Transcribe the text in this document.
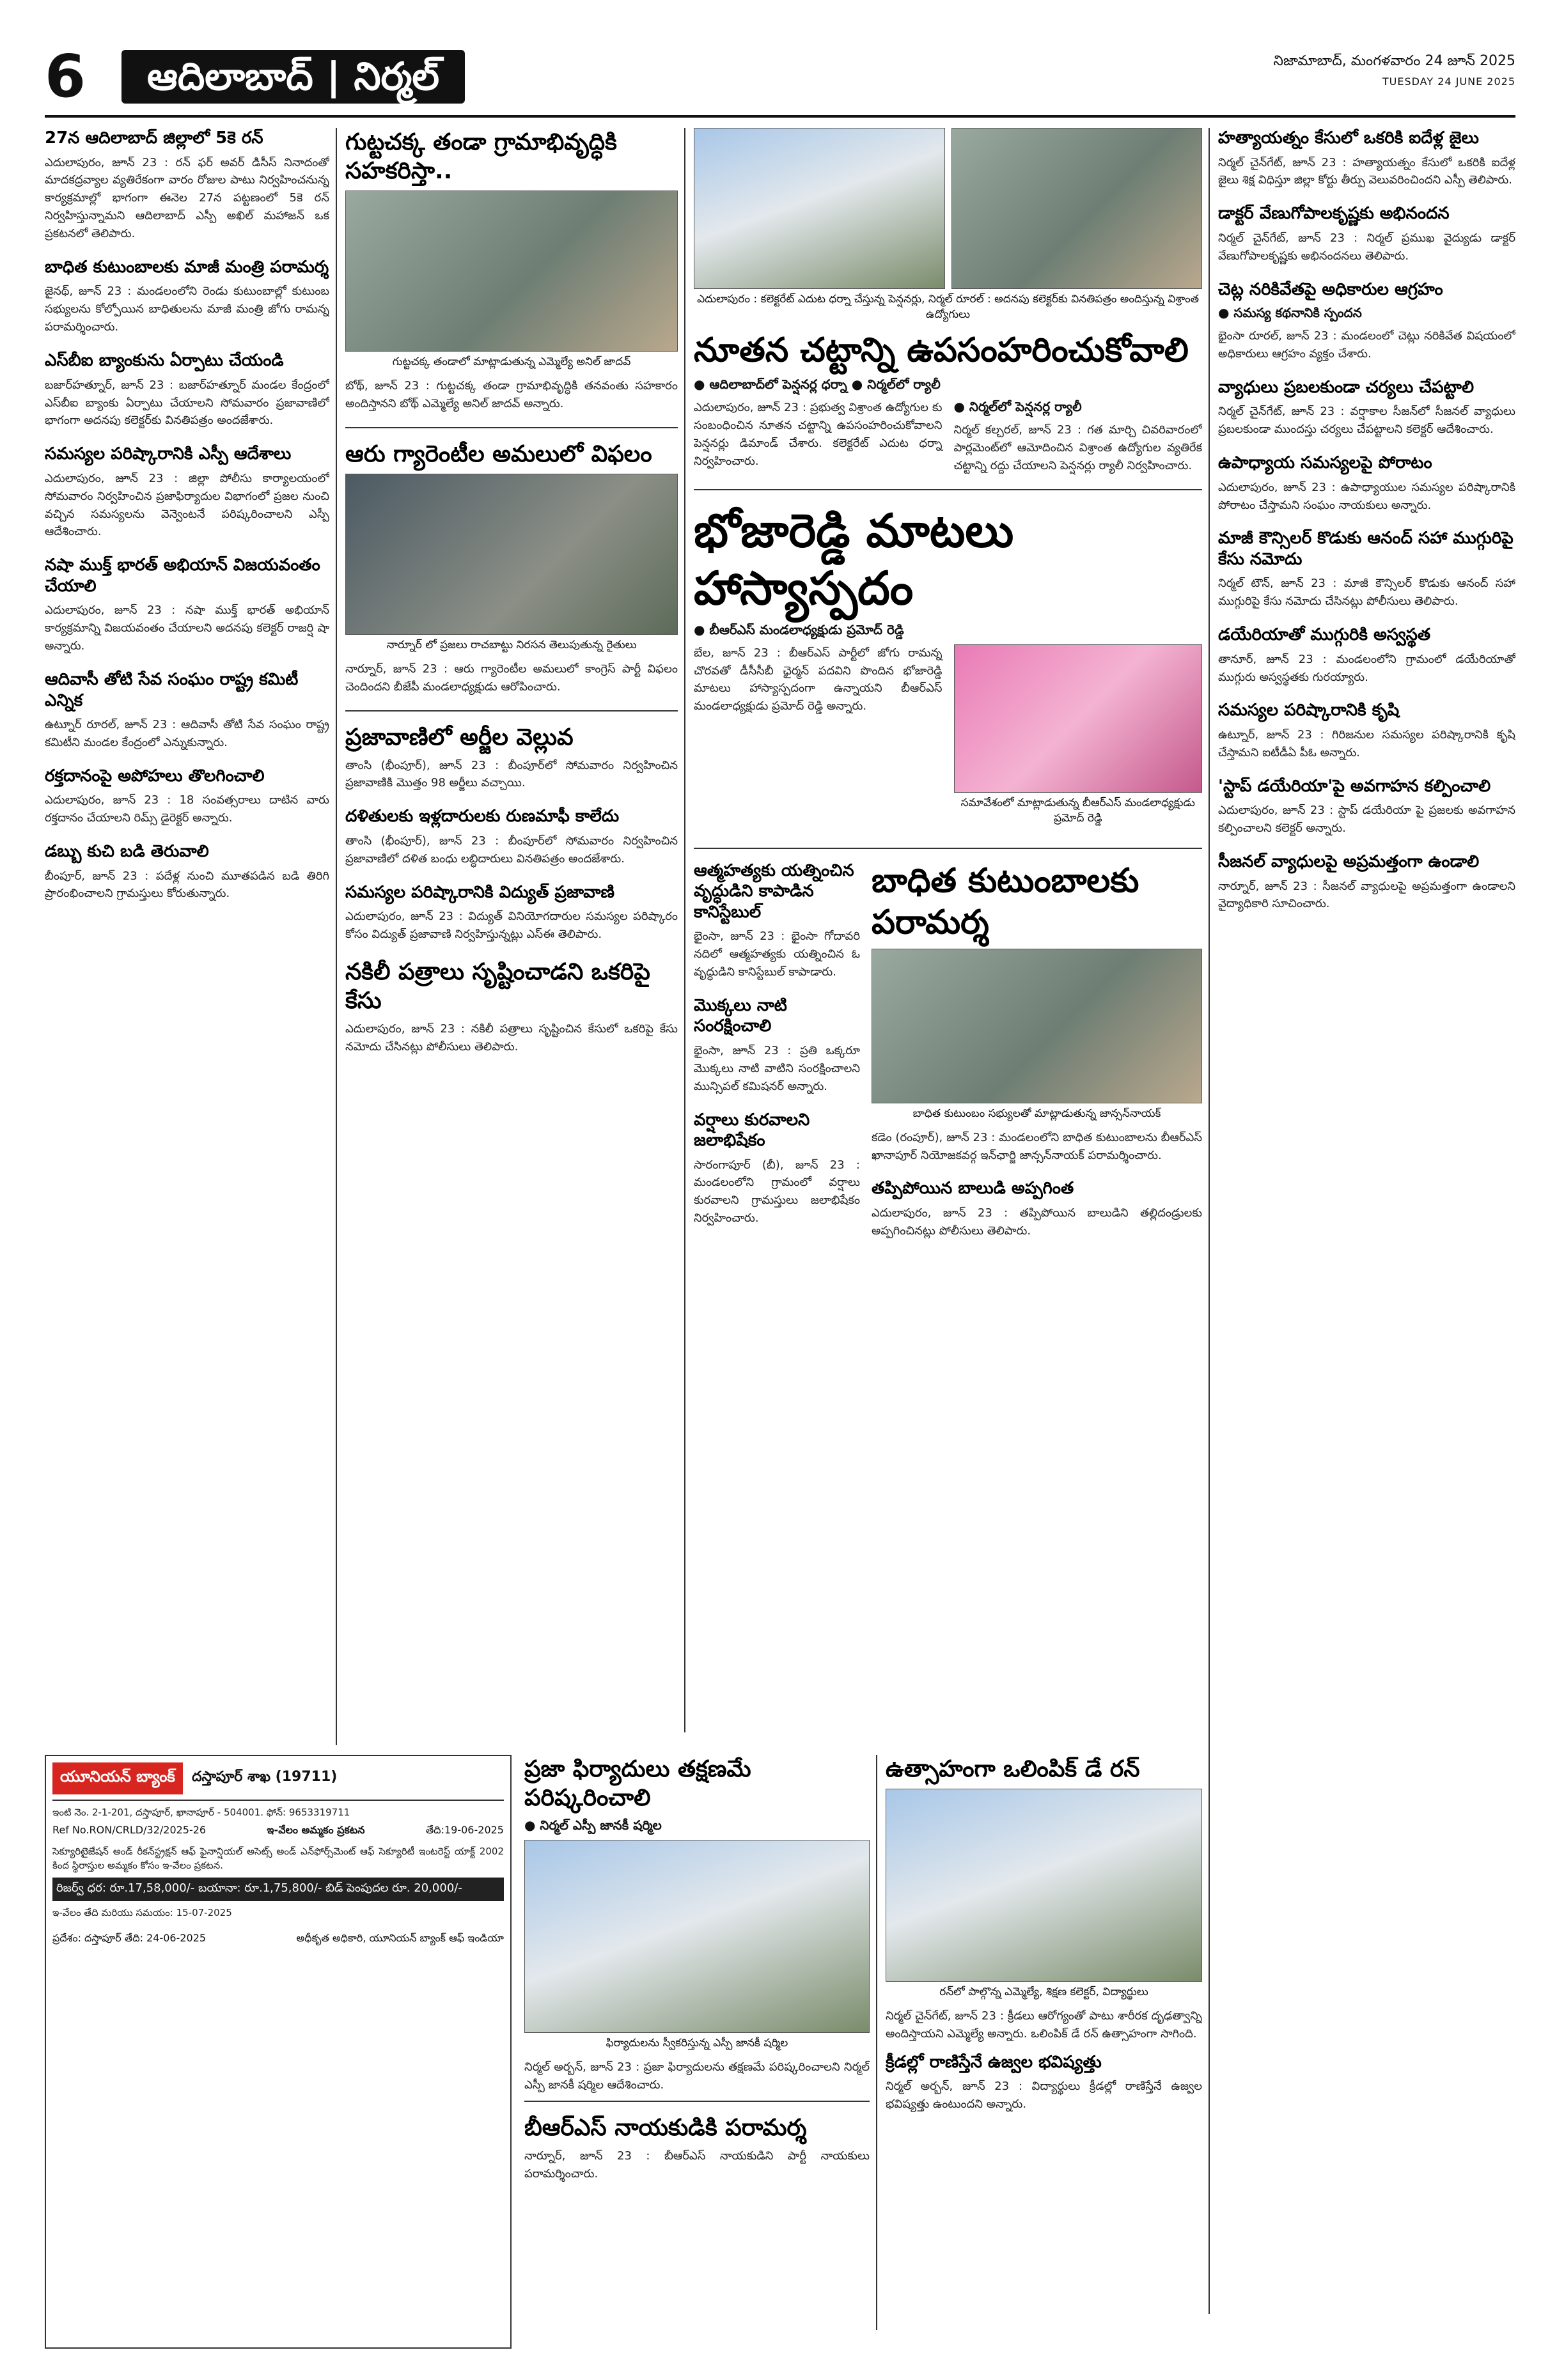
6	ఆదిలాబాద్ | నిర్మల్	నిజామాబాద్, మంగళవారం 24 జూన్ 2025
TUESDAY 24 JUNE 2025
27న ఆదిలాబాద్ జిల్లాలో 5కె రన్
ఎదులాపురం, జూన్ 23 : రన్ ఫర్ అవర్ డిసీస్ నినాదంతో మాదకద్రవ్యాల వ్యతిరేకంగా వారం రోజుల పాటు నిర్వహించనున్న కార్యక్రమాల్లో భాగంగా ఈనెల 27న పట్టణంలో 5కె రన్ నిర్వహిస్తున్నామని ఆదిలాబాద్ ఎస్పీ అఖిల్ మహాజన్ ఒక ప్రకటనలో తెలిపారు.
బాధిత కుటుంబాలకు మాజీ మంత్రి పరామర్శ
జైనథ్, జూన్ 23 : మండలంలోని రెండు కుటుంబాల్లో కుటుంబ సభ్యులను కోల్పోయిన బాధితులను మాజీ మంత్రి జోగు రామన్న పరామర్శించారు.
ఎస్‌బీఐ బ్యాంకును ఏర్పాటు చేయండి
బజార్‌హత్నూర్, జూన్ 23 : బజార్‌హత్నూర్ మండల కేంద్రంలో ఎస్‌బీఐ బ్యాంకు ఏర్పాటు చేయాలని సోమవారం ప్రజావాణిలో భాగంగా అదనపు కలెక్టర్‌కు వినతిపత్రం అందజేశారు.
సమస్యల పరిష్కారానికి ఎస్పీ ఆదేశాలు
ఎదులాపురం, జూన్ 23 : జిల్లా పోలీసు కార్యాలయంలో సోమవారం నిర్వహించిన ప్రజాఫిర్యాదుల విభాగంలో ప్రజల నుంచి వచ్చిన సమస్యలను వెన్వెంటనే పరిష్కరించాలని ఎస్పీ ఆదేశించారు.
నషా ముక్త్ భారత్ అభియాన్ విజయవంతం చేయాలి
ఎదులాపురం, జూన్ 23 : నషా ముక్త్ భారత్ అభియాన్ కార్యక్రమాన్ని విజయవంతం చేయాలని అదనపు కలెక్టర్ రాజర్షి షా అన్నారు.
ఆదివాసీ తోటి సేవ సంఘం రాష్ట్ర కమిటీ ఎన్నిక
ఉట్నూర్ రూరల్, జూన్ 23 : ఆదివాసీ తోటి సేవ సంఘం రాష్ట్ర కమిటీని మండల కేంద్రంలో ఎన్నుకున్నారు.
రక్తదానంపై అపోహలు తొలగించాలి
ఎదులాపురం, జూన్ 23 : 18 సంవత్సరాలు దాటిన వారు రక్తదానం చేయాలని రిమ్స్ డైరెక్టర్ అన్నారు.
డబ్బు కుచి బడి తెరువాలి
బీంపూర్, జూన్ 23 : పదేళ్ల నుంచి మూతపడిన బడి తిరిగి ప్రారంభించాలని గ్రామస్తులు కోరుతున్నారు.
గుట్టచక్క తండా గ్రామాభివృద్ధికి సహకరిస్తా..
గుట్టచక్క తండాలో మాట్లాడుతున్న ఎమ్మెల్యే అనిల్ జాదవ్
బోథ్, జూన్ 23 : గుట్టచక్క తండా గ్రామాభివృద్ధికి తనవంతు సహకారం అందిస్తానని బోథ్ ఎమ్మెల్యే అనిల్ జాదవ్ అన్నారు.
ఆరు గ్యారెంటీల అమలులో విఫలం
నార్నూర్ లో ప్రజలు రాచబాట్టు నిరసన తెలుపుతున్న రైతులు
నార్నూర్, జూన్ 23 : ఆరు గ్యారెంటీల అమలులో కాంగ్రెస్ పార్టీ విఫలం చెందిందని బీజేపీ మండలాధ్యక్షుడు ఆరోపించారు.
ప్రజావాణిలో అర్జీల వెల్లువ
తాంసి (భీంపూర్), జూన్ 23 : బీంపూర్‌లో సోమవారం నిర్వహించిన ప్రజావాణికి మొత్తం 98 అర్జీలు వచ్చాయి.
దళితులకు ఇళ్లదారులకు రుణమాఫీ కాలేదు
తాంసి (భీంపూర్), జూన్ 23 : బీంపూర్‌లో సోమవారం నిర్వహించిన ప్రజావాణిలో దళిత బంధు లబ్ధిదారులు వినతిపత్రం అందజేశారు.
సమస్యల పరిష్కారానికి విద్యుత్ ప్రజావాణి
ఎదులాపురం, జూన్ 23 : విద్యుత్ వినియోగదారుల సమస్యల పరిష్కారం కోసం విద్యుత్ ప్రజావాణి నిర్వహిస్తున్నట్లు ఎస్ఈ తెలిపారు.
నకిలీ పత్రాలు సృష్టించాడని ఒకరిపై కేసు
ఎదులాపురం, జూన్ 23 : నకిలీ పత్రాలు సృష్టించిన కేసులో ఒకరిపై కేసు నమోదు చేసినట్లు పోలీసులు తెలిపారు.
ఎదులాపురం : కలెక్టరేట్ ఎదుట ధర్నా చేస్తున్న పెన్షనర్లు, నిర్మల్ రూరల్ : అదనపు కలెక్టర్‌కు వినతిపత్రం అందిస్తున్న విశ్రాంత ఉద్యోగులు
నూతన చట్టాన్ని ఉపసంహరించుకోవాలి
● ఆదిలాబాద్‌లో పెన్షనర్ల ధర్నా ● నిర్మల్‌లో ర్యాలీ
ఎదులాపురం, జూన్ 23 : ప్రభుత్వ విశ్రాంత ఉద్యోగుల కు సంబంధించిన నూతన చట్టాన్ని ఉపసంహరించుకోవాలని పెన్షనర్లు డిమాండ్ చేశారు. కలెక్టరేట్ ఎదుట ధర్నా నిర్వహించారు.
● నిర్మల్‌లో పెన్షనర్ల ర్యాలీ
నిర్మల్ కల్చరల్, జూన్ 23 : గత మార్చి చివరివారంలో పార్లమెంట్‌లో ఆమోదించిన విశ్రాంత ఉద్యోగుల వ్యతిరేక చట్టాన్ని రద్దు చేయాలని పెన్షనర్లు ర్యాలీ నిర్వహించారు.
భోజారెడ్డి మాటలు హాస్యాస్పదం
● బీఆర్ఎస్ మండలాధ్యక్షుడు ప్రమోద్ రెడ్డి
బేల, జూన్ 23 : బీఆర్ఎస్ పార్టీలో జోగు రామన్న చొరవతో డీసీసీబీ ఛైర్మన్ పదవిని పొందిన భోజారెడ్డి మాటలు హాస్యాస్పదంగా ఉన్నాయని బీఆర్ఎస్ మండలాధ్యక్షుడు ప్రమోద్ రెడ్డి అన్నారు.
సమావేశంలో మాట్లాడుతున్న బీఆర్ఎస్ మండలాధ్యక్షుడు ప్రమోద్ రెడ్డి
ఆత్మహత్యకు యత్నించిన వృద్ధుడిని కాపాడిన కానిస్టేబుల్
భైంసా, జూన్ 23 : భైంసా గోదావరి నదిలో ఆత్మహత్యకు యత్నించిన ఓ వృద్ధుడిని కానిస్టేబుల్ కాపాడారు.
మొక్కలు నాటి సంరక్షించాలి
భైంసా, జూన్ 23 : ప్రతి ఒక్కరూ మొక్కలు నాటి వాటిని సంరక్షించాలని మున్సిపల్ కమిషనర్ అన్నారు.
వర్షాలు కురవాలని జలాభిషేకం
సారంగాపూర్ (బీ), జూన్ 23 : మండలంలోని గ్రామంలో వర్షాలు కురవాలని గ్రామస్తులు జలాభిషేకం నిర్వహించారు.
బాధిత కుటుంబాలకు పరామర్శ
బాధిత కుటుంబం సభ్యులతో మాట్లాడుతున్న జాన్సన్‌నాయక్
కడెం (రంపూర్), జూన్ 23 : మండలంలోని బాధిత కుటుంబాలను బీఆర్ఎస్ ఖానాపూర్ నియోజకవర్గ ఇన్‌ఛార్జి జాన్సన్‌నాయక్ పరామర్శించారు.
తప్పిపోయిన బాలుడి అప్పగింత
ఎదులాపురం, జూన్ 23 : తప్పిపోయిన బాలుడిని తల్లిదండ్రులకు అప్పగించినట్లు పోలీసులు తెలిపారు.
హత్యాయత్నం కేసులో ఒకరికి ఐదేళ్ల జైలు
నిర్మల్ చైన్‌గేట్, జూన్ 23 : హత్యాయత్నం కేసులో ఒకరికి ఐదేళ్ల జైలు శిక్ష విధిస్తూ జిల్లా కోర్టు తీర్పు వెలువరించిందని ఎస్పీ తెలిపారు.
డాక్టర్ వేణుగోపాలకృష్ణకు అభినందన
నిర్మల్ చైన్‌గేట్, జూన్ 23 : నిర్మల్ ప్రముఖ వైద్యుడు డాక్టర్ వేణుగోపాలకృష్ణకు అభినందనలు తెలిపారు.
చెట్ల నరికివేతపై అధికారుల ఆగ్రహం
● సమస్య కథనానికి స్పందన
భైంసా రూరల్, జూన్ 23 : మండలంలో చెట్లు నరికివేత విషయంలో అధికారులు ఆగ్రహం వ్యక్తం చేశారు.
వ్యాధులు ప్రబలకుండా చర్యలు చేపట్టాలి
నిర్మల్ చైన్‌గేట్, జూన్ 23 : వర్షాకాల సీజన్‌లో సీజనల్ వ్యాధులు ప్రబలకుండా ముందస్తు చర్యలు చేపట్టాలని కలెక్టర్ ఆదేశించారు.
ఉపాధ్యాయ సమస్యలపై పోరాటం
ఎదులాపురం, జూన్ 23 : ఉపాధ్యాయుల సమస్యల పరిష్కారానికి పోరాటం చేస్తామని సంఘం నాయకులు అన్నారు.
మాజీ కౌన్సిలర్ కొడుకు ఆనంద్ సహా ముగ్గురిపై కేసు నమోదు
నిర్మల్ టౌన్, జూన్ 23 : మాజీ కౌన్సిలర్ కొడుకు ఆనంద్ సహా ముగ్గురిపై కేసు నమోదు చేసినట్లు పోలీసులు తెలిపారు.
డయేరియాతో ముగ్గురికి అస్వస్థత
తానూర్, జూన్ 23 : మండలంలోని గ్రామంలో డయేరియాతో ముగ్గురు అస్వస్థతకు గురయ్యారు.
సమస్యల పరిష్కారానికి కృషి
ఉట్నూర్, జూన్ 23 : గిరిజనుల సమస్యల పరిష్కారానికి కృషి చేస్తామని ఐటీడీఏ పీఓ అన్నారు.
'స్టాప్ డయేరియా'పై అవగాహన కల్పించాలి
ఎదులాపురం, జూన్ 23 : స్టాప్ డయేరియా పై ప్రజలకు అవగాహన కల్పించాలని కలెక్టర్ అన్నారు.
సీజనల్ వ్యాధులపై అప్రమత్తంగా ఉండాలి
నార్నూర్, జూన్ 23 : సీజనల్ వ్యాధులపై అప్రమత్తంగా ఉండాలని వైద్యాధికారి సూచించారు.
యూనియన్ బ్యాంక్	దస్తాపూర్ శాఖ (19711)
ఇంటి నెం. 2-1-201, దస్తాపూర్, ఖానాపూర్ - 504001. ఫోన్: 9653319711
Ref No.RON/CRLD/32/2025-26	ఇ-వేలం అమ్మకం ప్రకటన	తేది:19-06-2025
సెక్యూరిటైజేషన్ అండ్ రీకన్‌స్ట్రక్షన్ ఆఫ్ ఫైనాన్షియల్ అసెట్స్ అండ్ ఎన్‌ఫోర్స్‌మెంట్ ఆఫ్ సెక్యూరిటీ ఇంటరెస్ట్ యాక్ట్ 2002 కింద స్థిరాస్తుల అమ్మకం కోసం ఇ-వేలం ప్రకటన.
రిజర్వ్ ధర: రూ.17,58,000/- బయానా: రూ.1,75,800/- బిడ్ పెంపుదల రూ. 20,000/-
ఇ-వేలం తేది మరియు సమయం: 15-07-2025
ప్రదేశం: దస్తాపూర్ తేది: 24-06-2025	అధీకృత అధికారి, యూనియన్ బ్యాంక్ ఆఫ్ ఇండియా
ప్రజా ఫిర్యాదులు తక్షణమే పరిష్కరించాలి
● నిర్మల్ ఎస్పీ జానకీ షర్మిల
ఫిర్యాదులను స్వీకరిస్తున్న ఎస్పీ జానకీ షర్మిల
నిర్మల్ అర్బన్, జూన్ 23 : ప్రజా ఫిర్యాదులను తక్షణమే పరిష్కరించాలని నిర్మల్ ఎస్పీ జానకీ షర్మిల ఆదేశించారు.
బీఆర్ఎస్ నాయకుడికి పరామర్శ
నార్నూర్, జూన్ 23 : బీఆర్ఎస్ నాయకుడిని పార్టీ నాయకులు పరామర్శించారు.
ఉత్సాహంగా ఒలింపిక్ డే రన్
రన్‌లో పాల్గొన్న ఎమ్మెల్యే, శిక్షణ కలెక్టర్, విద్యార్థులు
నిర్మల్ చైన్‌గేట్, జూన్ 23 : క్రీడలు ఆరోగ్యంతో పాటు శారీరక దృఢత్వాన్ని అందిస్తాయని ఎమ్మెల్యే అన్నారు. ఒలింపిక్ డే రన్ ఉత్సాహంగా సాగింది.
క్రీడల్లో రాణిస్తేనే ఉజ్వల భవిష్యత్తు
నిర్మల్ అర్బన్, జూన్ 23 : విద్యార్థులు క్రీడల్లో రాణిస్తేనే ఉజ్వల భవిష్యత్తు ఉంటుందని అన్నారు.
